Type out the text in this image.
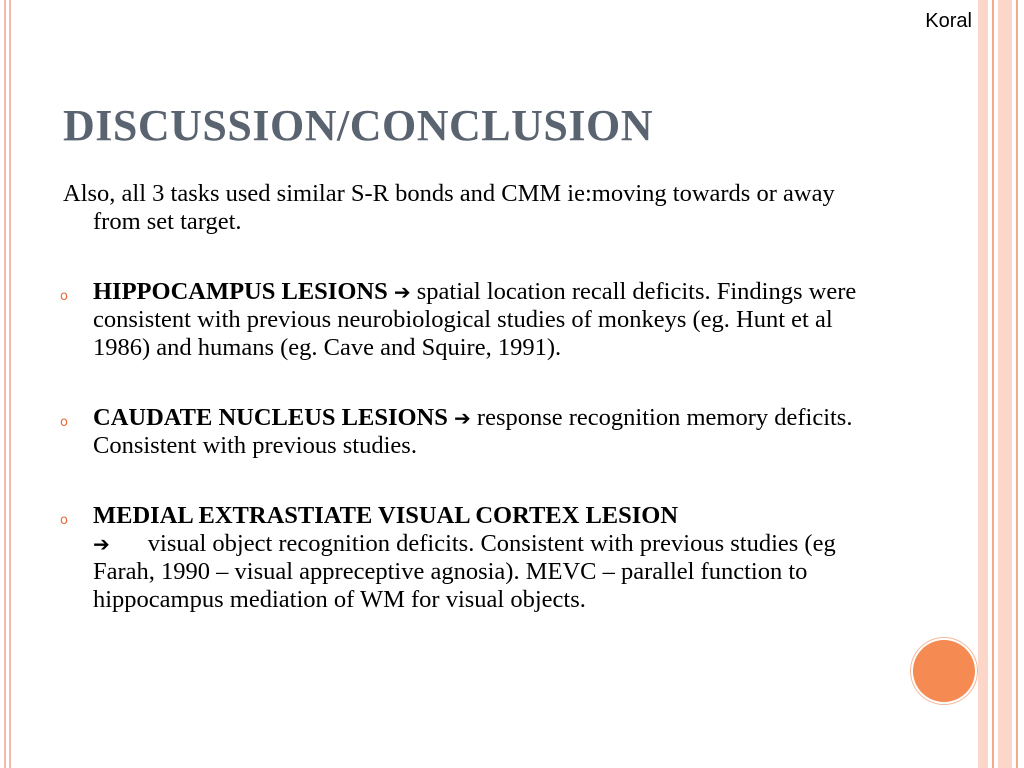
Koral
DISCUSSION/CONCLUSION

Also, all 3 tasks used similar S-R bonds and CMM ie:moving towards or away from set target.

o HIPPOCAMPUS LESIONS ➔ spatial location recall deficits. Findings were consistent with previous neurobiological studies of monkeys (eg. Hunt et al 1986) and humans (eg. Cave and Squire, 1991).
o CAUDATE NUCLEUS LESIONS ➔ response recognition memory deficits. Consistent with previous studies.
o MEDIAL EXTRASTIATE VISUAL CORTEX LESION
➔ visual object recognition deficits. Consistent with previous studies (eg Farah, 1990 – visual appreceptive agnosia). MEVC – parallel function to hippocampus mediation of WM for visual objects.
